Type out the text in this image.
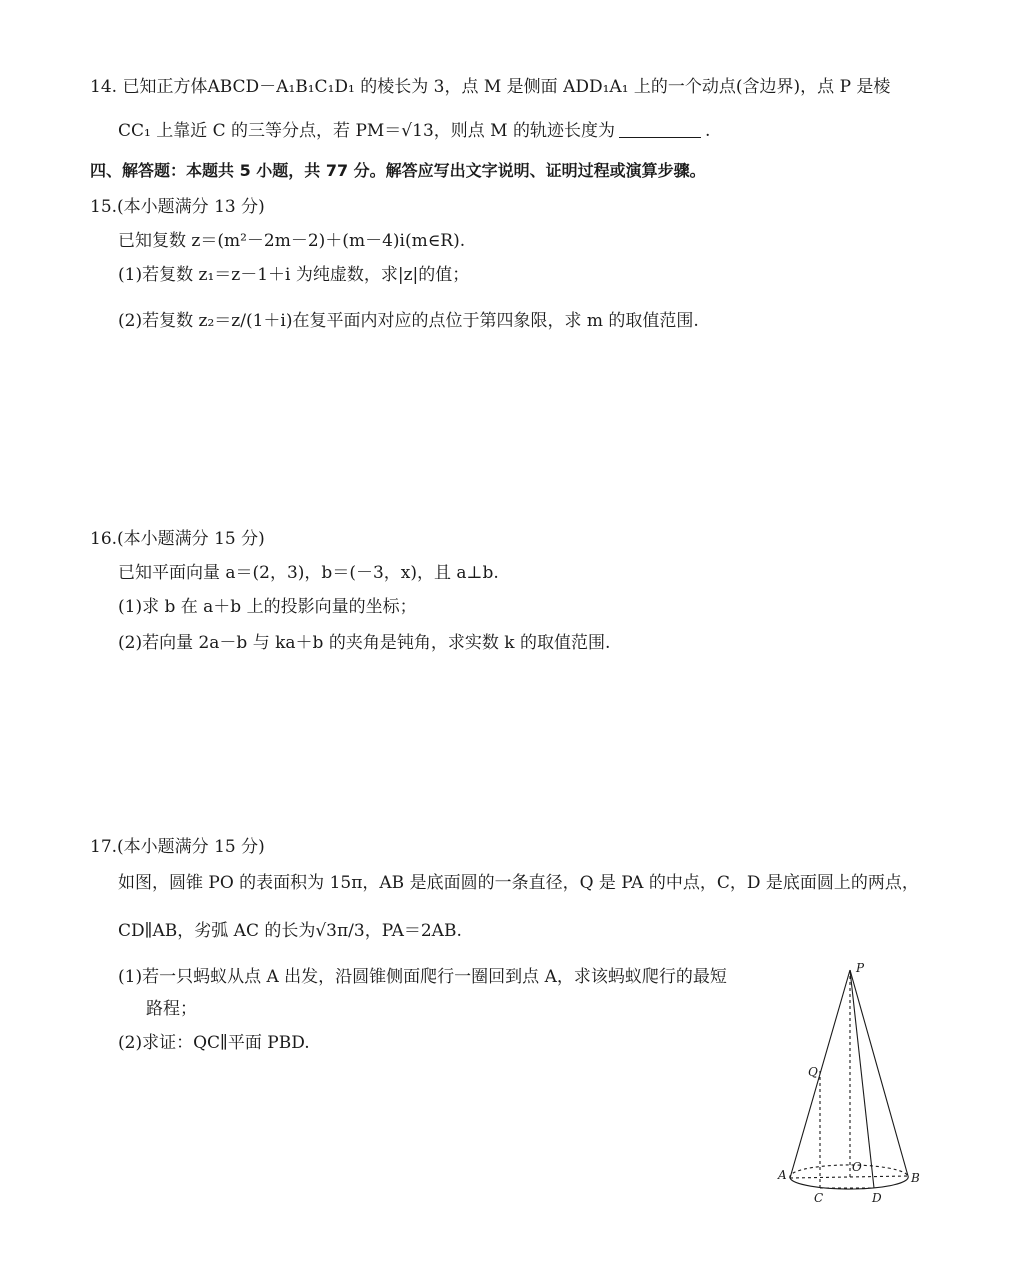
14. 已知正方体ABCD－A₁B₁C₁D₁ 的棱长为 3，点 M 是侧面 ADD₁A₁ 上的一个动点(含边界)，点 P 是棱
CC₁ 上靠近 C 的三等分点，若 PM＝√13，则点 M 的轨迹长度为	.
四、解答题：本题共 5 小题，共 77 分。解答应写出文字说明、证明过程或演算步骤。
15.(本小题满分 13 分)
已知复数 z＝(m²－2m－2)＋(m－4)i(m∈R).
(1)若复数 z₁＝z－1＋i 为纯虚数，求|z|的值；
(2)若复数 z₂＝z/(1＋i)在复平面内对应的点位于第四象限，求 m 的取值范围.
16.(本小题满分 15 分)
已知平面向量 a＝(2，3)，b＝(－3，x)，且 a⊥b.
(1)求 b 在 a＋b 上的投影向量的坐标；
(2)若向量 2a－b 与 ka＋b 的夹角是钝角，求实数 k 的取值范围.
17.(本小题满分 15 分)
如图，圆锥 PO 的表面积为 15π，AB 是底面圆的一条直径，Q 是 PA 的中点，C，D 是底面圆上的两点，
CD∥AB，劣弧 AC 的长为√3π/3，PA＝2AB.
(1)若一只蚂蚁从点 A 出发，沿圆锥侧面爬行一圈回到点 A，求该蚂蚁爬行的最短
路程；
(2)求证：QC∥平面 PBD.
P
Q
O
A	B
C	D
